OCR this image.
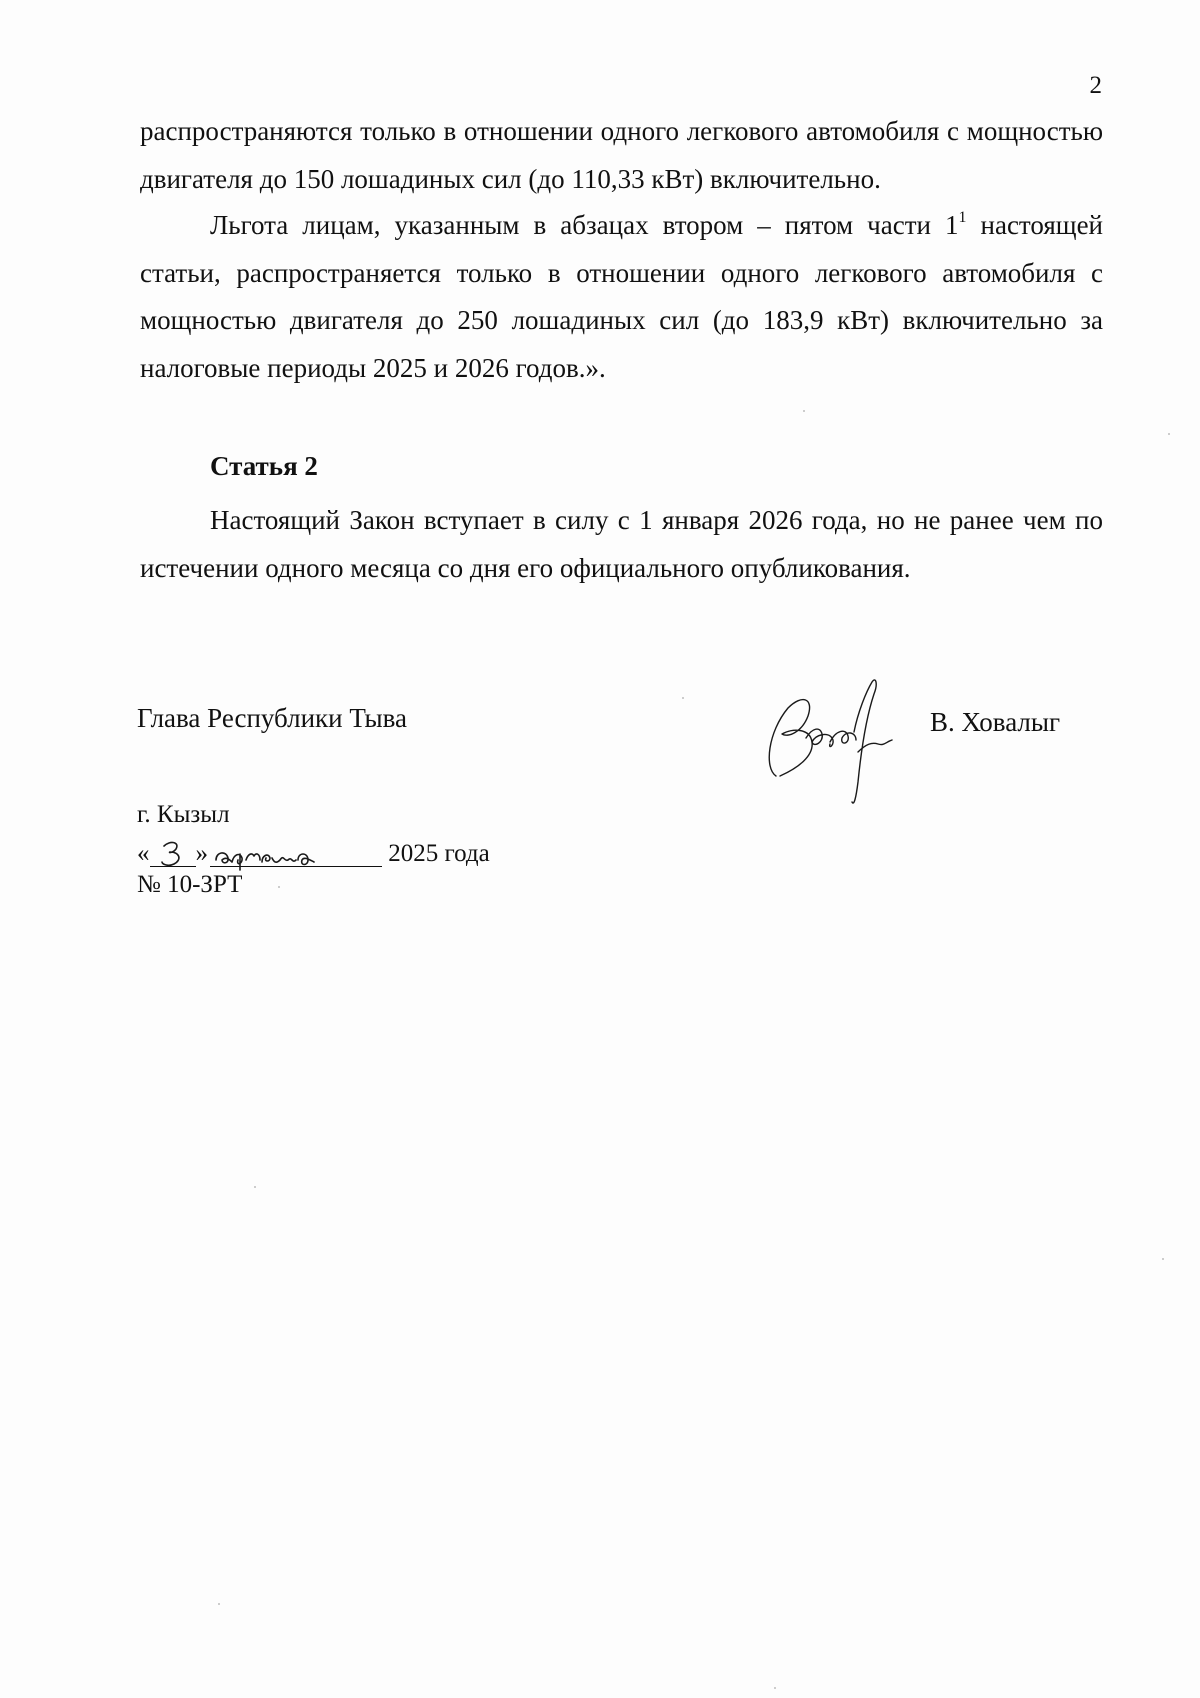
2

распространяются только в отношении одного легкового автомобиля с мощностью двигателя до 150 лошадиных сил (до 110,33 кВт) включительно.

Льгота лицам, указанным в абзацах втором – пятом части $1^1$ настоящей статьи, распространяется только в отношении одного легкового автомобиля с мощностью двигателя до 250 лошадиных сил (до 183,9 кВт) включительно за налоговые периоды 2025 и 2026 годов.».

Статья 2

Настоящий Закон вступает в силу с 1 января 2026 года, но не ранее чем по истечении одного месяца со дня его официального опубликования.

Глава Республики Тыва	В. Ховалыг
г. Кызыл
« »	2025 года
№ 10-ЗРТ
